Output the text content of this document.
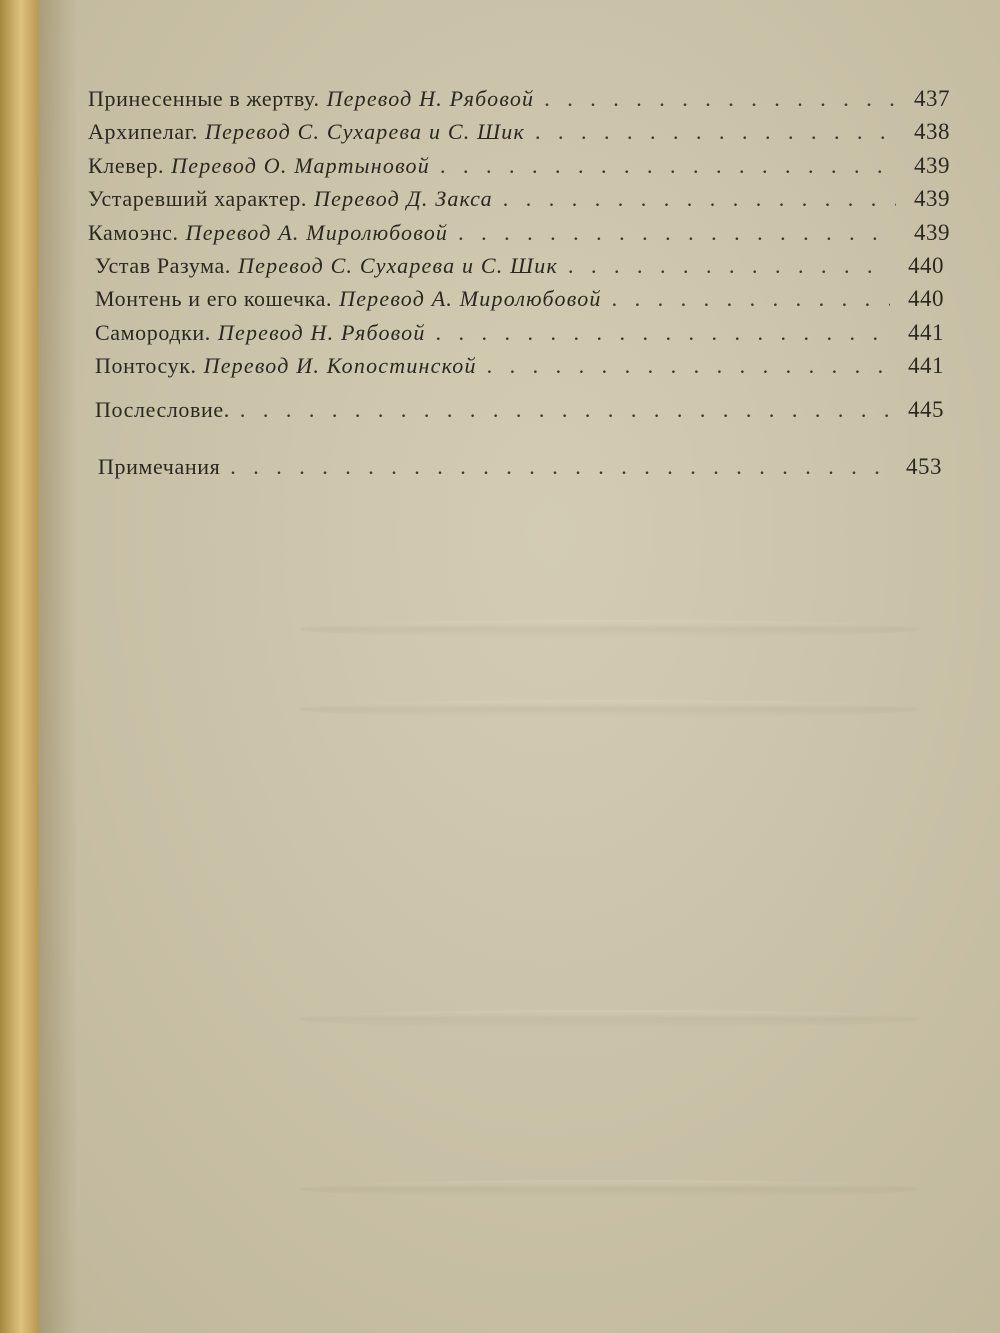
Принесенные в жертву. Перевод Н. Рябовой . . .	437
Архипелаг. Перевод С. Сухарева и С. Шик . . .	438
Клевер. Перевод О. Мартыновой . . .	439
Устаревший характер. Перевод Д. Закса . . .	439
Камоэнс. Перевод А. Миролюбовой . . .	439
Устав Разума. Перевод С. Сухарева и С. Шик . . .	440
Монтень и его кошечка. Перевод А. Миролюбовой . . .	440
Самородки. Перевод Н. Рябовой . . .	441
Понтосук. Перевод И. Копостинской . . .	441
Послесловие. . . .	445
Примечания . . .	453
